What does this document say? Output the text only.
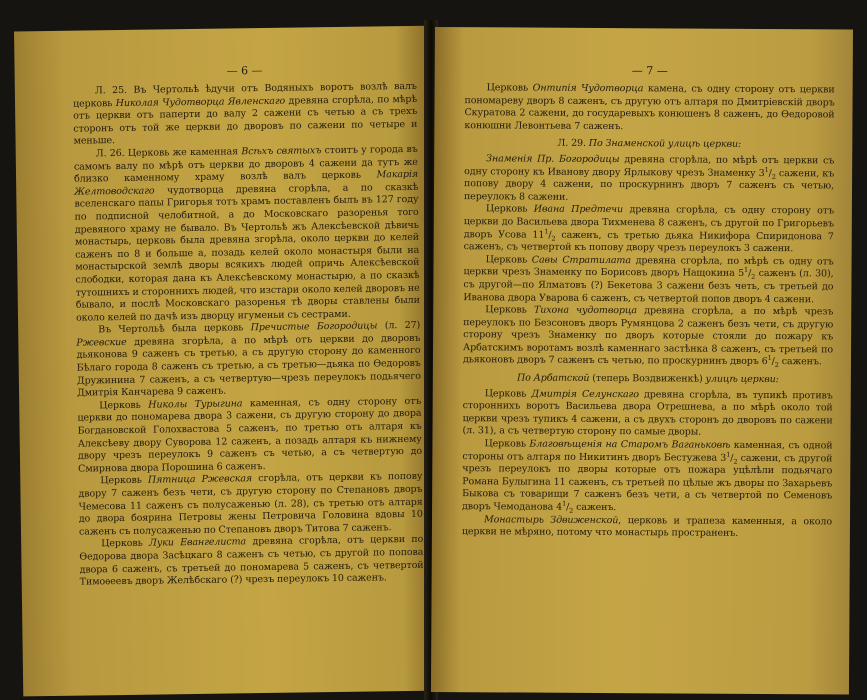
— 6 —

Л. 25. Въ Чертольѣ ѣдучи отъ Водяныхъ воротъ возлѣ валъ церковь Николая Чудотворца Явленскаго древяна сгорѣла, по мѣрѣ отъ церкви отъ паперти до валу 2 сажени съ четью а съ трехъ сторонъ отъ той же церкви до дворовъ по сажени по четыре и меньше.

Л. 26. Церковь же каменная Всѣхъ святыхъ стоитъ у города въ самомъ валу по мѣрѣ отъ церкви до дворовъ 4 сажени да тутъ же близко каменному храму возлѣ валъ церковь Макарія Желтоводскаго чудотворца древяна сгорѣла, а по сказкѣ вселенскаго папы Григорья тотъ храмъ поставленъ былъ въ 127 году по подписной челобитной, а до Московскаго разоренья того древяного храму не бывало. Въ Чертольѣ жъ Алексѣевской дѣвичь монастырь, церковь была древяна згорѣла, около церкви до келей саженъ по 8 и больше а, позадь келей около монастыря были на монастырской землѣ дворы всякихъ людей опричь Алексѣевской слободки, которая дана къ Алексѣевскому монастырю, а по сказкѣ тутошнихъ и стороннихъ людей, что изстари около келей дворовъ не бывало, и послѣ Московскаго разоренья тѣ дворы ставлены были около келей по дачѣ изъ дворцу игуменьи съ сестрами.

Въ Чертольѣ была церковь Пречистые Богородицы (л. 27) Ржевские древяна згорѣла, а по мѣрѣ отъ церкви до дворовъ дьяконова 9 саженъ съ третью, а съ другую сторону до каменного Бѣлаго города 8 саженъ съ третью, а съ третью—дьяка по Ѳедоровъ Дружинина 7 саженъ, а съ четвертую—чрезъ переулокъ подьячего Дмитрія Канчарева 9 саженъ.

Церковь Николы Турыгина каменная, съ одну сторону отъ церкви до пономарева двора 3 сажени, съ другую сторону до двора Богдановской Голохвастова 5 саженъ, по третью отъ алтаря къ Алексѣеву двору Суворова 12 саженъ, а позадь алтаря къ нижнему двору чрезъ переулокъ 9 саженъ съ четью, а съ четвертую до Смирнова двора Порошина 6 саженъ.

Церковь Пятница Ржевская сгорѣла, отъ церкви къ попову двору 7 саженъ безъ чети, съ другую сторону по Степановъ дворъ Чемесова 11 саженъ съ полусаженью (л. 28), съ третью отъ алтаря до двора боярина Петровы жены Петровича Головина вдовы 10 саженъ съ полусаженью по Степановъ дворъ Титова 7 саженъ.

Церковь Луки Евангелиста древяна сгорѣла, отъ церкви по Ѳедорова двора Засѣцкаго 8 саженъ съ четью, съ другой по попова двора 6 саженъ, съ третьей до пономарева 5 саженъ, съ четвертой Тимоѳеевъ дворъ Желѣбскаго (?) чрезъ переулокъ 10 саженъ.

— 7 —

Церковь Онтипія Чудотворца камена, съ одну сторону отъ церкви пономареву дворъ 8 саженъ, съ другую отъ алтаря по Дмитріевскій дворъ Скуратова 2 сажени, до государевыхъ конюшенъ 8 саженъ, до Ѳедоровой конюшни Левонтьева 7 саженъ.

Л. 29. По Знаменской улицѣ церкви:

Знаменія Пр. Богородицы древяна сгорѣла, по мѣрѣ отъ церкви съ одну сторону къ Иванову двору Ярлыкову чрезъ Знаменку $3^1/_2$ сажени, къ попову двору 4 сажени, по проскурнинъ дворъ 7 саженъ съ четью, переулокъ 8 сажени.

Церковь Ивана Предтечи древяна сгорѣла, съ одну сторону отъ церкви до Васильева двора Тихменева 8 саженъ, съ другой по Григорьевъ дворъ Усова $11^1/_2$ саженъ, съ третью дьяка Никифора Спиридонова 7 саженъ, съ четвертой къ попову двору чрезъ переулокъ 3 сажени.

Церковь Савы Стратилата древяна сгорѣла, по мѣрѣ съ одну отъ церкви чрезъ Знаменку по Борисовъ дворъ Нащокина $5^1/_2$ саженъ (л. 30), съ другой—по Ялматовъ (?) Бекетова 3 сажени безъ четь, съ третьей до Иванова двора Уварова 6 саженъ, съ четвертой попов дворъ 4 сажени.

Церковь Тихона чудотворца древяна сгорѣла, а по мѣрѣ чрезъ переулокъ по Безсоновъ дворъ Румянцова 2 саженъ безъ чети, съ другую сторону чрезъ Знаменку по дворъ которые стояли до пожару къ Арбатскимъ воротамъ возлѣ каменнаго застѣнка 8 саженъ, съ третьей по дьяконовъ дворъ 7 саженъ съ четью, по проскурнинъ дворъ $6^1/_2$ саженъ.

По Арбатской (теперь Воздвиженкѣ) улицѣ церкви:

Церковь Дмитрія Селунскаго древяна сгорѣла, въ тупикѣ противъ стороннихъ воротъ Васильева двора Отрешнева, а по мѣрѣ около той церкви чрезъ тупикъ 4 сажени, а съ двухъ сторонъ до дворовъ по сажени (л. 31), а съ четвертую сторону по самые дворы.

Церковь Благовѣщенія на Старомъ Ваганьковѣ каменная, съ одной стороны отъ алтаря по Никитинъ дворъ Бестужева $3^1/_2$ сажени, съ другой чрезъ переулокъ по дворы которые отъ пожара уцѣлѣли подьячаго Романа Булыгина 11 саженъ, съ третьей по цѣлые жъ дворы по Захарьевъ Быкова съ товарищи 7 саженъ безъ чети, а съ четвертой по Семеновъ дворъ Чемоданова $4^1/_2$ саженъ.

Монастырь Здвиженской, церковь и трапеза каменныя, а около церкви не мѣряно, потому что монастырь пространенъ.
